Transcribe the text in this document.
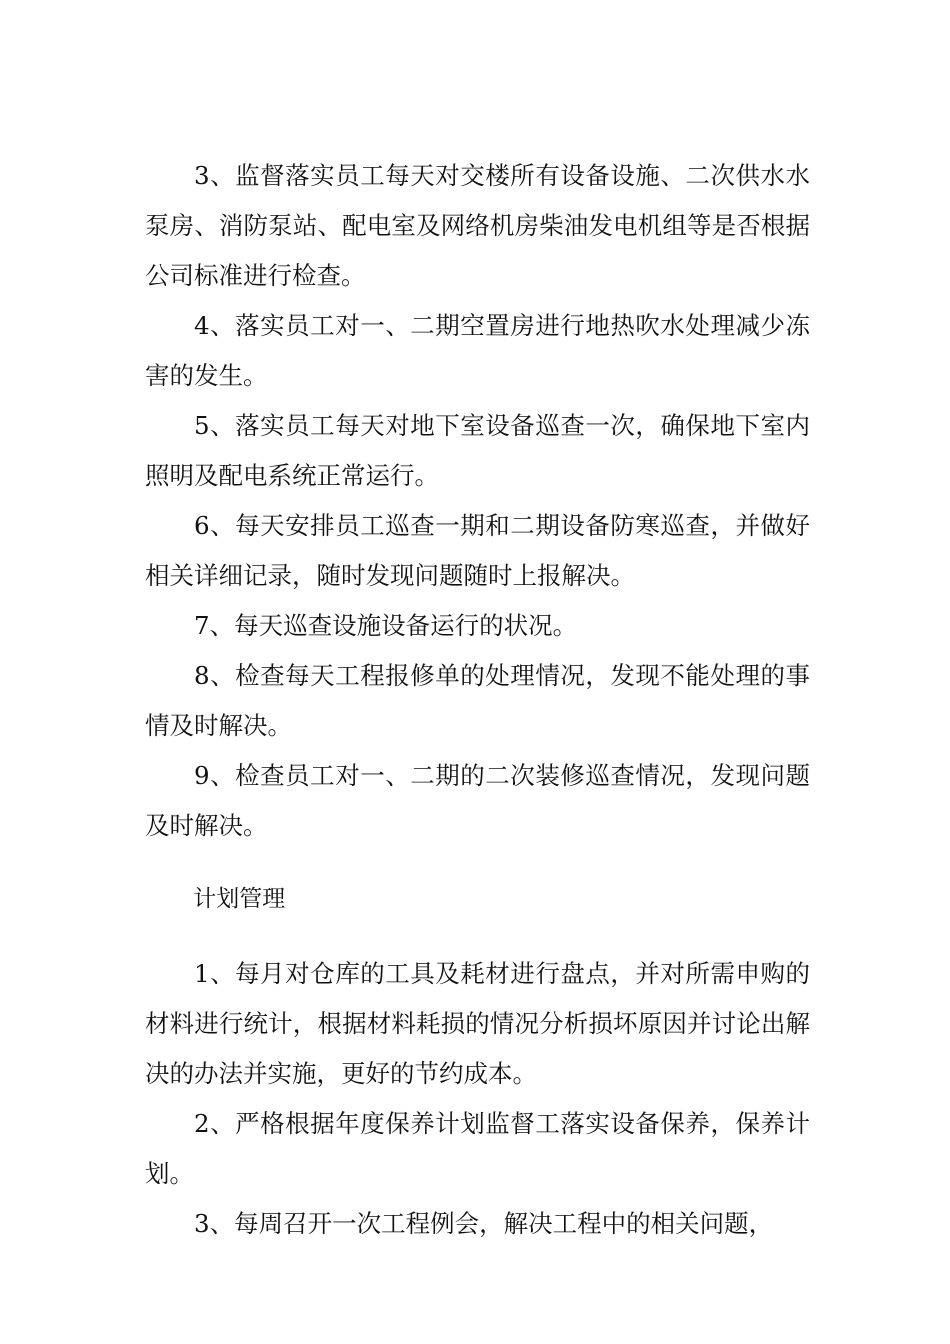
3、监督落实员工每天对交楼所有设备设施、二次供水水泵房、消防泵站、配电室及网络机房柴油发电机组等是否根据公司标准进行检查。

4、落实员工对一、二期空置房进行地热吹水处理减少冻害的发生。

5、落实员工每天对地下室设备巡查一次，确保地下室内照明及配电系统正常运行。

6、每天安排员工巡查一期和二期设备防寒巡查，并做好相关详细记录，随时发现问题随时上报解决。

7、每天巡查设施设备运行的状况。

8、检查每天工程报修单的处理情况，发现不能处理的事情及时解决。

9、检查员工对一、二期的二次装修巡查情况，发现问题及时解决。

计划管理

1、每月对仓库的工具及耗材进行盘点，并对所需申购的材料进行统计，根据材料耗损的情况分析损坏原因并讨论出解决的办法并实施，更好的节约成本。

2、严格根据年度保养计划监督工落实设备保养，保养计划。

3、每周召开一次工程例会，解决工程中的相关问题，
